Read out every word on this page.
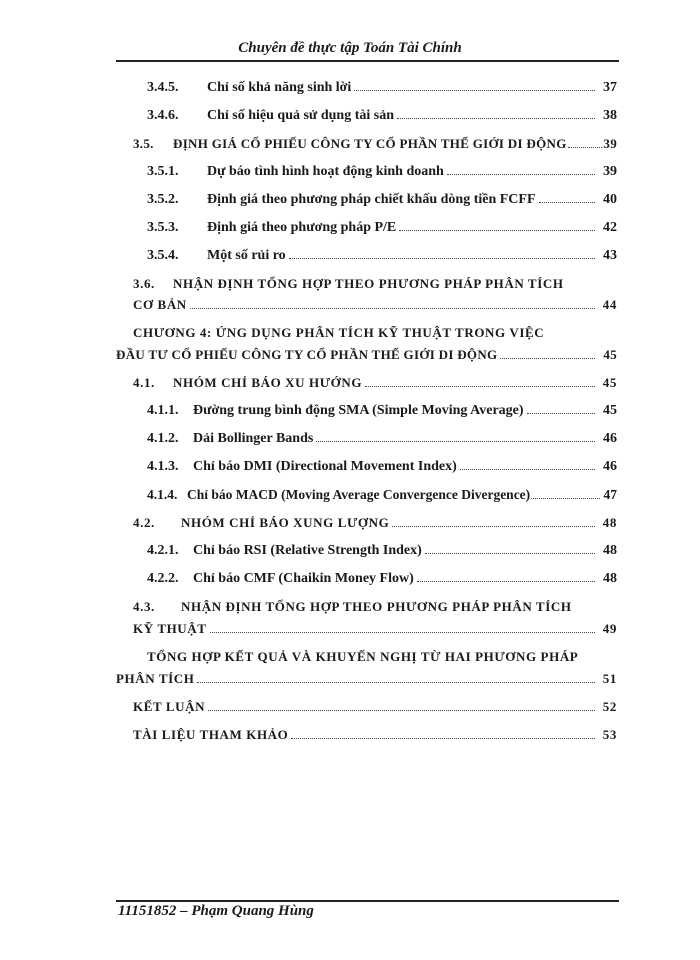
Chuyên đề thực tập Toán Tài Chính
3.4.5.	Chỉ số khả năng sinh lời	37
3.4.6.	Chỉ số hiệu quả sử dụng tài sản	38
3.5.	ĐỊNH GIÁ CỔ PHIẾU CÔNG TY CỔ PHẦN THẾ GIỚI DI ĐỘNG	39
3.5.1.	Dự báo tình hình hoạt động kinh doanh	39
3.5.2.	Định giá theo phương pháp chiết khấu dòng tiền FCFF	40
3.5.3.	Định giá theo phương pháp P/E	42
3.5.4.	Một số rủi ro	43
3.6. NHẬN ĐỊNH TỔNG HỢP THEO PHƯƠNG PHÁP PHÂN TÍCH
CƠ BẢN	44
CHƯƠNG 4: ỨNG DỤNG PHÂN TÍCH KỸ THUẬT TRONG VIỆC
ĐẦU TƯ CỔ PHIẾU CÔNG TY CỔ PHẦN THẾ GIỚI DI ĐỘNG	45
4.1.	NHÓM CHỈ BÁO XU HƯỚNG	45
4.1.1.	Đường trung bình động SMA (Simple Moving Average)	45
4.1.2.	Dải Bollinger Bands	46
4.1.3.	Chỉ báo DMI (Directional Movement Index)	46
4.1.4. Chỉ báo MACD (Moving Average Convergence Divergence)	47
4.2.	NHÓM CHỈ BÁO XUNG LƯỢNG	48
4.2.1.	Chỉ báo RSI (Relative Strength Index)	48
4.2.2.	Chỉ báo CMF (Chaikin Money Flow)	48
4.3. NHẬN ĐỊNH TỔNG HỢP THEO PHƯƠNG PHÁP PHÂN TÍCH
KỸ THUẬT	49
TỔNG HỢP KẾT QUẢ VÀ KHUYẾN NGHỊ TỪ HAI PHƯƠNG PHÁP
PHÂN TÍCH	51
KẾT LUẬN	52
TÀI LIỆU THAM KHẢO	53
11151852 – Phạm Quang Hùng
